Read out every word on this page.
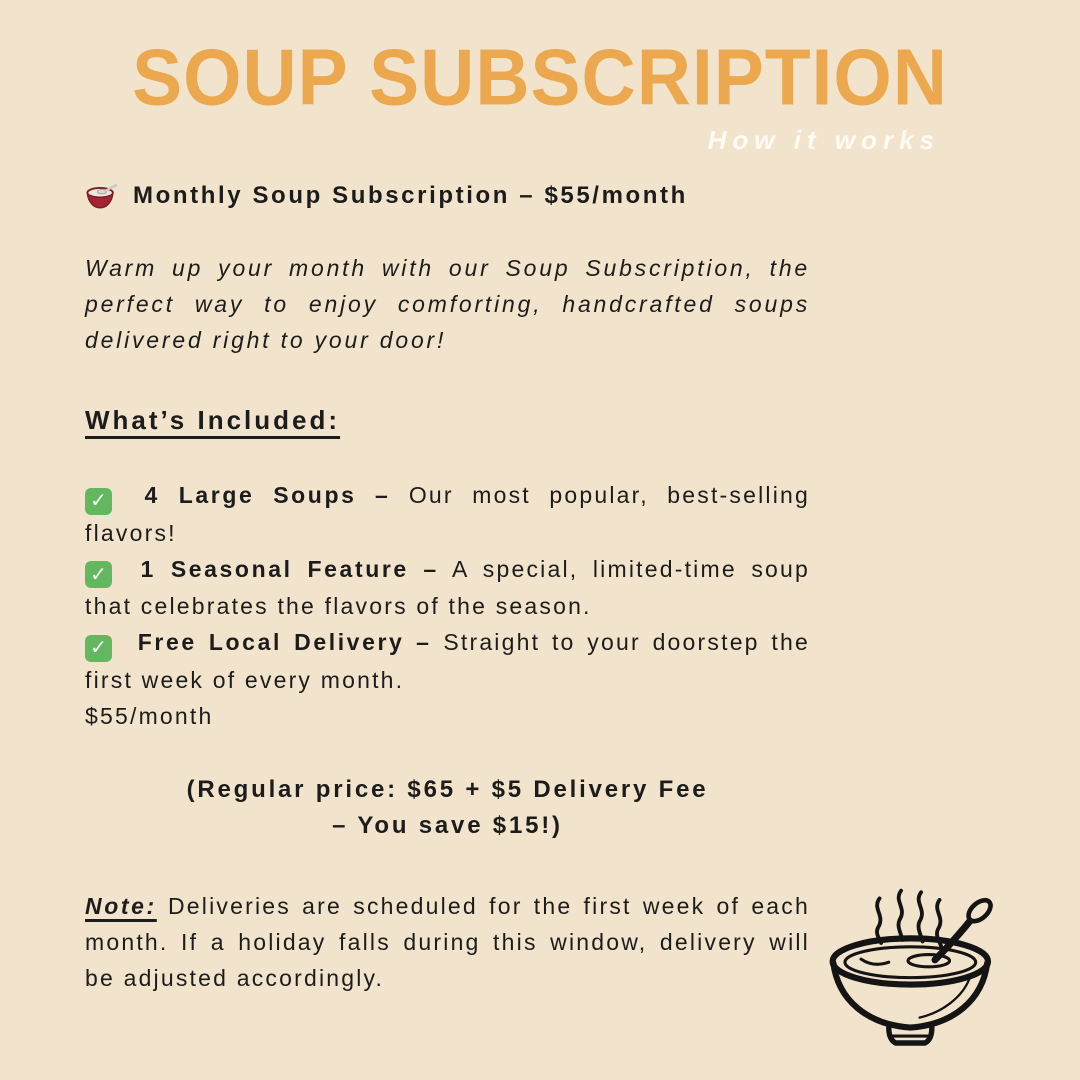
SOUP SUBSCRIPTION
How it works

Monthly Soup Subscription – $55/month

Warm up your month with our Soup Subscription, the perfect way to enjoy comforting, handcrafted soups delivered right to your door!

What’s Included:

✓ 4 Large Soups – Our most popular, best-selling flavors!

✓ 1 Seasonal Feature – A special, limited-time soup that celebrates the flavors of the season.

✓ Free Local Delivery – Straight to your doorstep the first week of every month.

$55/month

(Regular price: $65 + $5 Delivery Fee
– You save $15!)

Note: Deliveries are scheduled for the first week of each month. If a holiday falls during this window, delivery will be adjusted accordingly.
